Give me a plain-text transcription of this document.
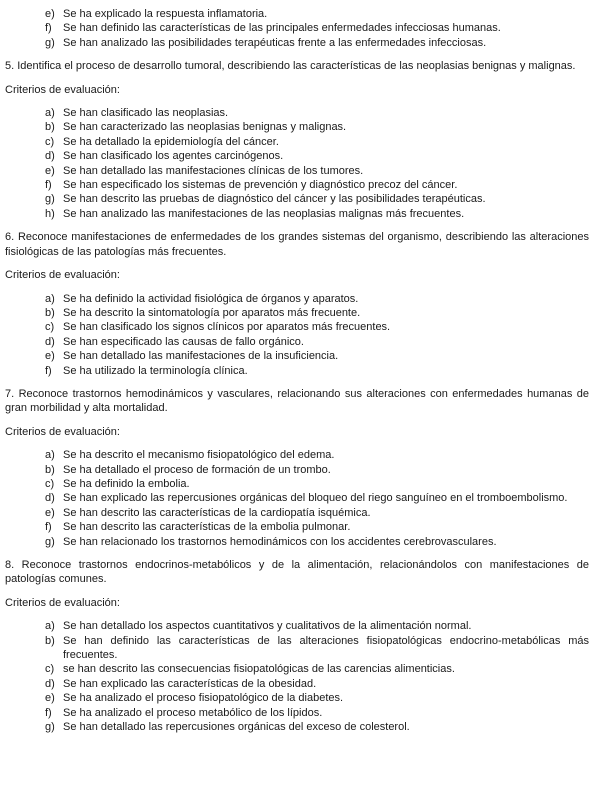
e) Se ha explicado la respuesta inflamatoria.
f)	Se han definido las características de las principales enfermedades infecciosas humanas.
g) Se han analizado las posibilidades terapéuticas frente a las enfermedades infecciosas.
5. Identifica el proceso de desarrollo tumoral, describiendo las características de las neoplasias benignas y malignas.
Criterios de evaluación:
a) Se han clasificado las neoplasias.
b) Se han caracterizado las neoplasias benignas y malignas.
c) Se ha detallado la epidemiología del cáncer.
d) Se han clasificado los agentes carcinógenos.
e) Se han detallado las manifestaciones clínicas de los tumores.
f)	Se han especificado los sistemas de prevención y diagnóstico precoz del cáncer.
g) Se han descrito las pruebas de diagnóstico del cáncer y las posibilidades terapéuticas.
h) Se han analizado las manifestaciones de las neoplasias malignas más frecuentes.
6. Reconoce manifestaciones de enfermedades de los grandes sistemas del organismo, describiendo las alteraciones fisiológicas de las patologías más frecuentes.
Criterios de evaluación:
a) Se ha definido la actividad fisiológica de órganos y aparatos.
b) Se ha descrito la sintomatología por aparatos más frecuente.
c) Se han clasificado los signos clínicos por aparatos más frecuentes.
d) Se han especificado las causas de fallo orgánico.
e) Se han detallado las manifestaciones de la insuficiencia.
f)	Se ha utilizado la terminología clínica.
7. Reconoce trastornos hemodinámicos y vasculares, relacionando sus alteraciones con enfermedades humanas de gran morbilidad y alta mortalidad.
Criterios de evaluación:
a) Se ha descrito el mecanismo fisiopatológico del edema.
b) Se ha detallado el proceso de formación de un trombo.
c) Se ha definido la embolia.
d) Se han explicado las repercusiones orgánicas del bloqueo del riego sanguíneo en el tromboembolismo.
e) Se han descrito las características de la cardiopatía isquémica.
f)	Se han descrito las características de la embolia pulmonar.
g) Se han relacionado los trastornos hemodinámicos con los accidentes cerebrovasculares.
8. Reconoce trastornos endocrinos-metabólicos y de la alimentación, relacionándolos con manifestaciones de patologías comunes.
Criterios de evaluación:
a) Se han detallado los aspectos cuantitativos y cualitativos de la alimentación normal.
b) Se han definido las características de las alteraciones fisiopatológicas endocrino-metabólicas más frecuentes.
c) se han descrito las consecuencias fisiopatológicas de las carencias alimenticias.
d) Se han explicado las características de la obesidad.
e) Se ha analizado el proceso fisiopatológico de la diabetes.
f)	Se ha analizado el proceso metabólico de los lípidos.
g) Se han detallado las repercusiones orgánicas del exceso de colesterol.
